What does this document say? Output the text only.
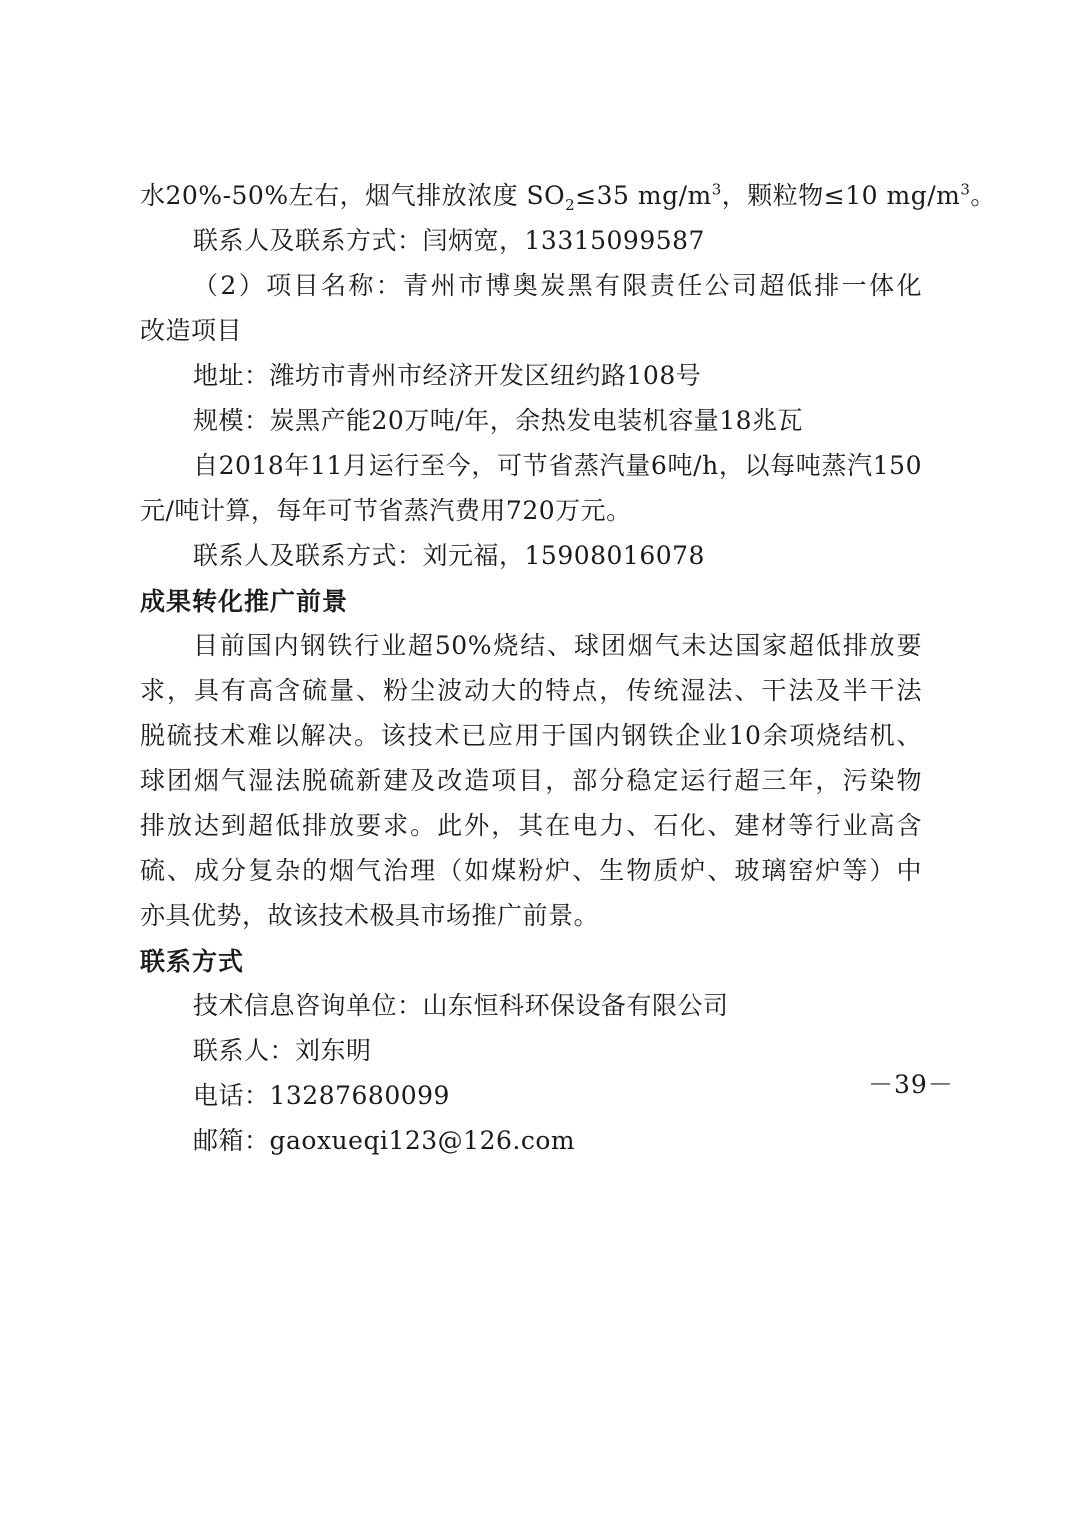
水20%-50%左右，烟气排放浓度 $SO_2\le 35$ $mg/m^3$，颗粒物≤10 $mg/m^3$。
联系人及联系方式：闫炳宽，13315099587
（2）项目名称：青州市博奥炭黑有限责任公司超低排一体化
改造项目
地址：潍坊市青州市经济开发区纽约路108号
规模：炭黑产能20万吨/年，余热发电装机容量18兆瓦
自2018年11月运行至今，可节省蒸汽量6吨/h，以每吨蒸汽150
元/吨计算，每年可节省蒸汽费用720万元。
联系人及联系方式：刘元福，15908016078
成果转化推广前景
目前国内钢铁行业超50%烧结、球团烟气未达国家超低排放要
求，具有高含硫量、粉尘波动大的特点，传统湿法、干法及半干法
脱硫技术难以解决。该技术已应用于国内钢铁企业10余项烧结机、
球团烟气湿法脱硫新建及改造项目，部分稳定运行超三年，污染物
排放达到超低排放要求。此外，其在电力、石化、建材等行业高含
硫、成分复杂的烟气治理（如煤粉炉、生物质炉、玻璃窑炉等）中
亦具优势，故该技术极具市场推广前景。
联系方式
技术信息咨询单位：山东恒科环保设备有限公司
联系人：刘东明
电话：13287680099
邮箱：gaoxueqi123@126.com
－39－
